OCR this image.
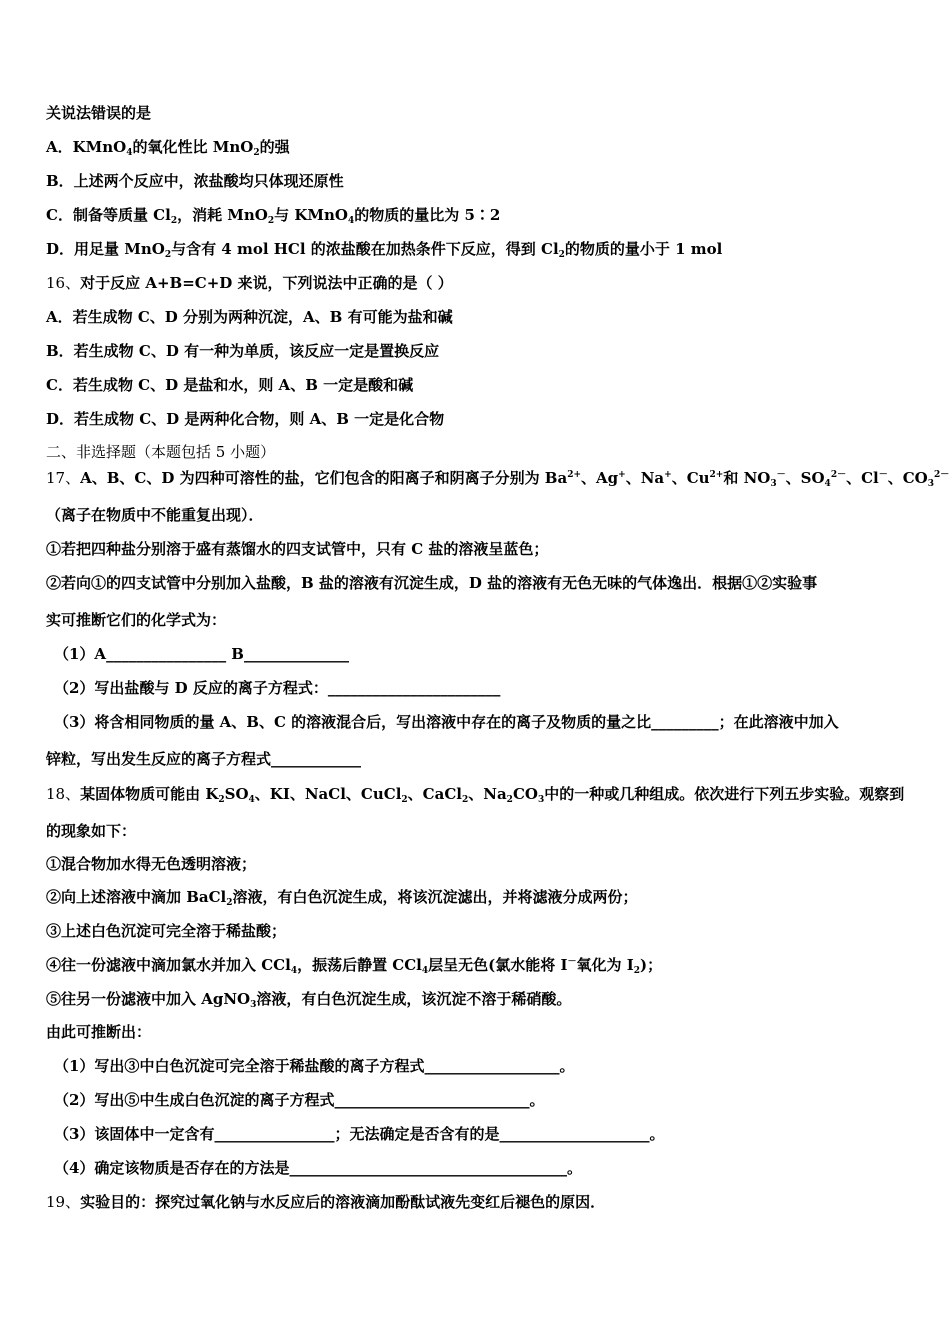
关说法错误的是
A．KMnO$_4$的氧化性比 MnO$_2$的强
B．上述两个反应中，浓盐酸均只体现还原性
C．制备等质量 $Cl_2$，消耗 MnO$_2$与 KMnO$_4$的物质的量比为 5∶2
D．用足量 MnO$_2$与含有 4 mol HCl 的浓盐酸在加热条件下反应，得到 $Cl_2$的物质的量小于 1 mol
16、对于反应 A+B=C+D 来说，下列说法中正确的是（ ）
A．若生成物 C、D 分别为两种沉淀，A、B 有可能为盐和碱
B．若生成物 C、D 有一种为单质，该反应一定是置换反应
C．若生成物 C、D 是盐和水，则 A、B 一定是酸和碱
D．若生成物 C、D 是两种化合物，则 A、B 一定是化合物
二、非选择题（本题包括 5 小题）
17、A、B、C、D 为四种可溶性的盐，它们包含的阳离子和阴离子分别为 $Ba^{2+}$、Ag+、Na+、$Cu^{2+}$和 $NO_3^-$、$SO_4^{2-}$、Cl－、$CO_3^{2-}$
（离子在物质中不能重复出现）．
①若把四种盐分别溶于盛有蒸馏水的四支试管中，只有 C 盐的溶液呈蓝色；
②若向①的四支试管中分别加入盐酸，B 盐的溶液有沉淀生成，D 盐的溶液有无色无味的气体逸出．根据①②实验事
实可推断它们的化学式为：
（1）A________________ B______________
（2）写出盐酸与 D 反应的离子方程式：_______________________
（3）将含相同物质的量 A、B、C 的溶液混合后，写出溶液中存在的离子及物质的量之比_________；在此溶液中加入
锌粒，写出发生反应的离子方程式____________
18、某固体物质可能由 $K_2SO_4$、KI、NaCl、CuCl$_2$、CaCl$_2$、$Na_2CO_3$中的一种或几种组成。依次进行下列五步实验。观察到
的现象如下：
①混合物加水得无色透明溶液；
②向上述溶液中滴加 BaCl$_2$溶液，有白色沉淀生成，将该沉淀滤出，并将滤液分成两份；
③上述白色沉淀可完全溶于稀盐酸；
④往一份滤液中滴加氯水并加入 CCl$_4$，振荡后静置 CCl$_4$层呈无色(氯水能将 I－氧化为 $I_2$)；
⑤往另一份滤液中加入 AgNO$_3$溶液，有白色沉淀生成，该沉淀不溶于稀硝酸。
由此可推断出：
（1）写出③中白色沉淀可完全溶于稀盐酸的离子方程式__________________。
（2）写出⑤中生成白色沉淀的离子方程式__________________________。
（3）该固体中一定含有________________；无法确定是否含有的是____________________。
（4）确定该物质是否存在的方法是_____________________________________。
19、实验目的：探究过氧化钠与水反应后的溶液滴加酚酞试液先变红后褪色的原因．
